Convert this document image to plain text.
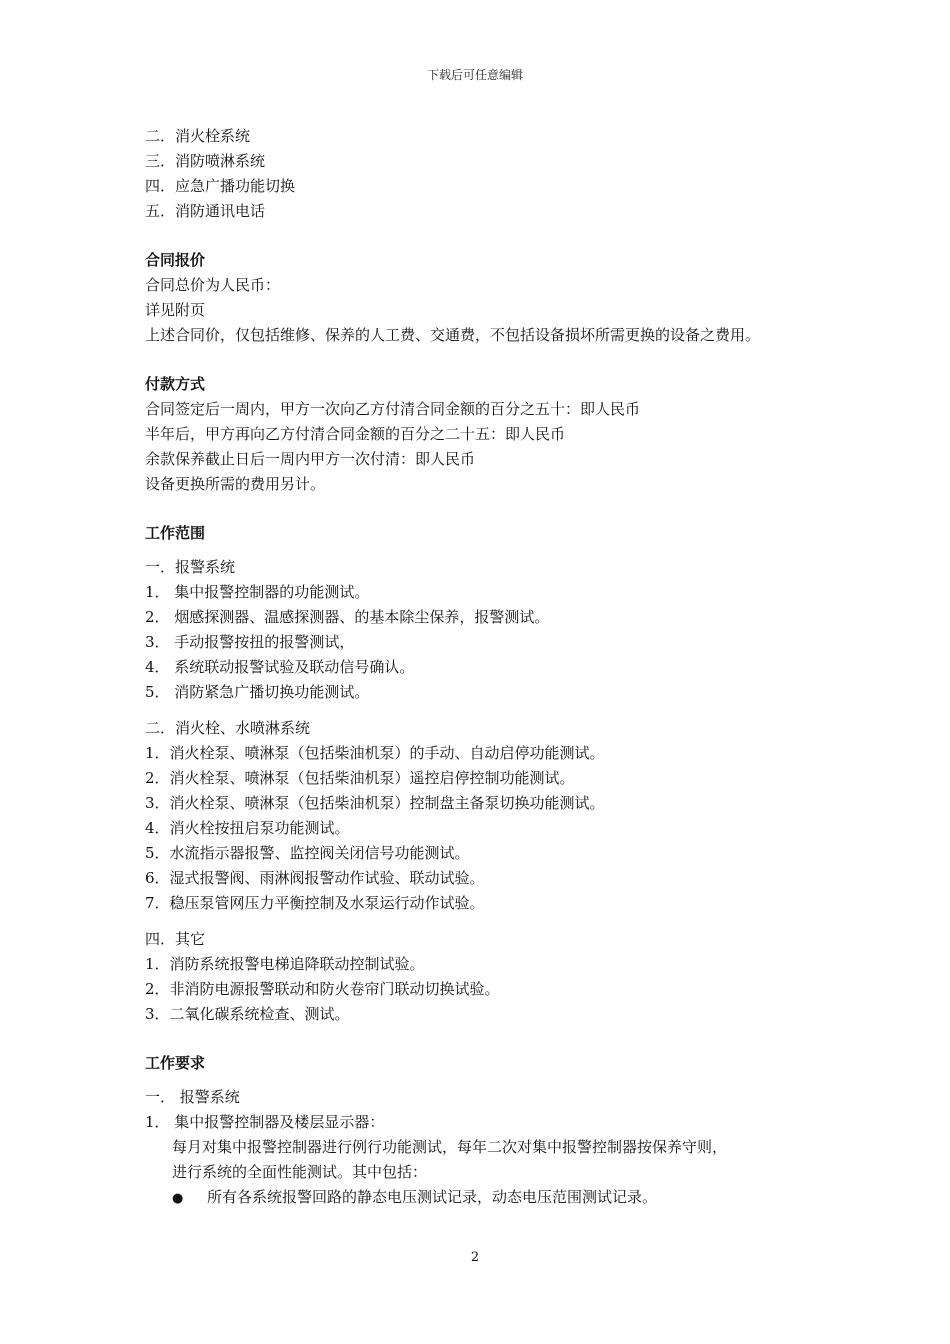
下载后可任意编辑
二．消火栓系统
三．消防喷淋系统
四．应急广播功能切换
五．消防通讯电话
合同报价
合同总价为人民币：
详见附页
上述合同价，仅包括维修、保养的人工费、交通费，不包括设备损坏所需更换的设备之费用。
付款方式
合同签定后一周内，甲方一次向乙方付清合同金额的百分之五十：即人民币
半年后，甲方再向乙方付清合同金额的百分之二十五：即人民币
余款保养截止日后一周内甲方一次付清：即人民币
设备更换所需的费用另计。
工作范围
一．报警系统
1． 集中报警控制器的功能测试。
2． 烟感探测器、温感探测器、的基本除尘保养，报警测试。
3． 手动报警按扭的报警测试，
4． 系统联动报警试验及联动信号确认。
5． 消防紧急广播切换功能测试。
二．消火栓、水喷淋系统
1．消火栓泵、喷淋泵（包括柴油机泵）的手动、自动启停功能测试。
2．消火栓泵、喷淋泵（包括柴油机泵）遥控启停控制功能测试。
3．消火栓泵、喷淋泵（包括柴油机泵）控制盘主备泵切换功能测试。
4．消火栓按扭启泵功能测试。
5．水流指示器报警、监控阀关闭信号功能测试。
6．湿式报警阀、雨淋阀报警动作试验、联动试验。
7．稳压泵管网压力平衡控制及水泵运行动作试验。
四．其它
1．消防系统报警电梯追降联动控制试验。
2．非消防电源报警联动和防火卷帘门联动切换试验。
3．二氧化碳系统检查、测试。
工作要求
一． 报警系统
1． 集中报警控制器及楼层显示器：
每月对集中报警控制器进行例行功能测试，每年二次对集中报警控制器按保养守则，
进行系统的全面性能测试。其中包括：
● 所有各系统报警回路的静态电压测试记录，动态电压范围测试记录。
2
